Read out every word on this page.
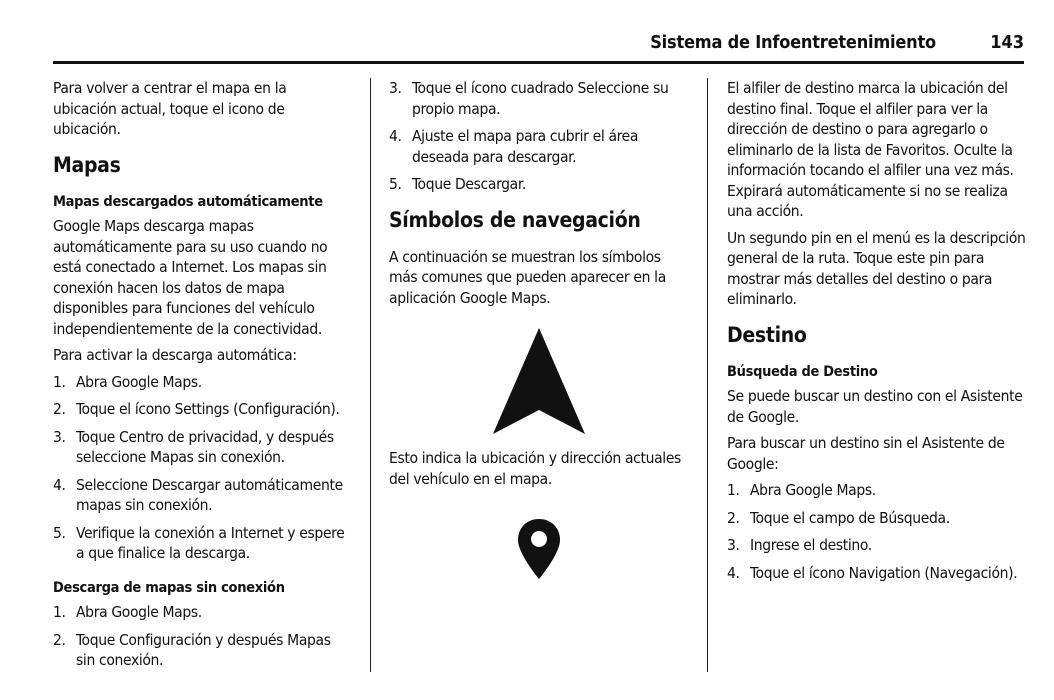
Sistema de Infoentretenimiento	143

Para volver a centrar el mapa en la ubicación actual, toque el icono de ubicación.

Mapas
Mapas descargados automáticamente

Google Maps descarga mapas automáticamente para su uso cuando no está conectado a Internet. Los mapas sin conexión hacen los datos de mapa disponibles para funciones del vehículo independientemente de la conectividad.

Para activar la descarga automática:

1. Abra Google Maps.
2. Toque el ícono Settings (Configuración).
3. Toque Centro de privacidad, y después seleccione Mapas sin conexión.
4. Seleccione Descargar automáticamente mapas sin conexión.
5. Verifique la conexión a Internet y espere a que finalice la descarga.
Descarga de mapas sin conexión
1. Abra Google Maps.
2. Toque Configuración y después Mapas sin conexión.
3. Toque el ícono cuadrado Seleccione su propio mapa.
4. Ajuste el mapa para cubrir el área deseada para descargar.
5. Toque Descargar.
Símbolos de navegación

A continuación se muestran los símbolos más comunes que pueden aparecer en la aplicación Google Maps.

Esto indica la ubicación y dirección actuales del vehículo en el mapa.

El alfiler de destino marca la ubicación del destino final. Toque el alfiler para ver la dirección de destino o para agregarlo o eliminarlo de la lista de Favoritos. Oculte la información tocando el alfiler una vez más. Expirará automáticamente si no se realiza una acción.

Un segundo pin en el menú es la descripción general de la ruta. Toque este pin para mostrar más detalles del destino o para eliminarlo.

Destino
Búsqueda de Destino

Se puede buscar un destino con el Asistente de Google.

Para buscar un destino sin el Asistente de Google:

1. Abra Google Maps.
2. Toque el campo de Búsqueda.
3. Ingrese el destino.
4. Toque el ícono Navigation (Navegación).
